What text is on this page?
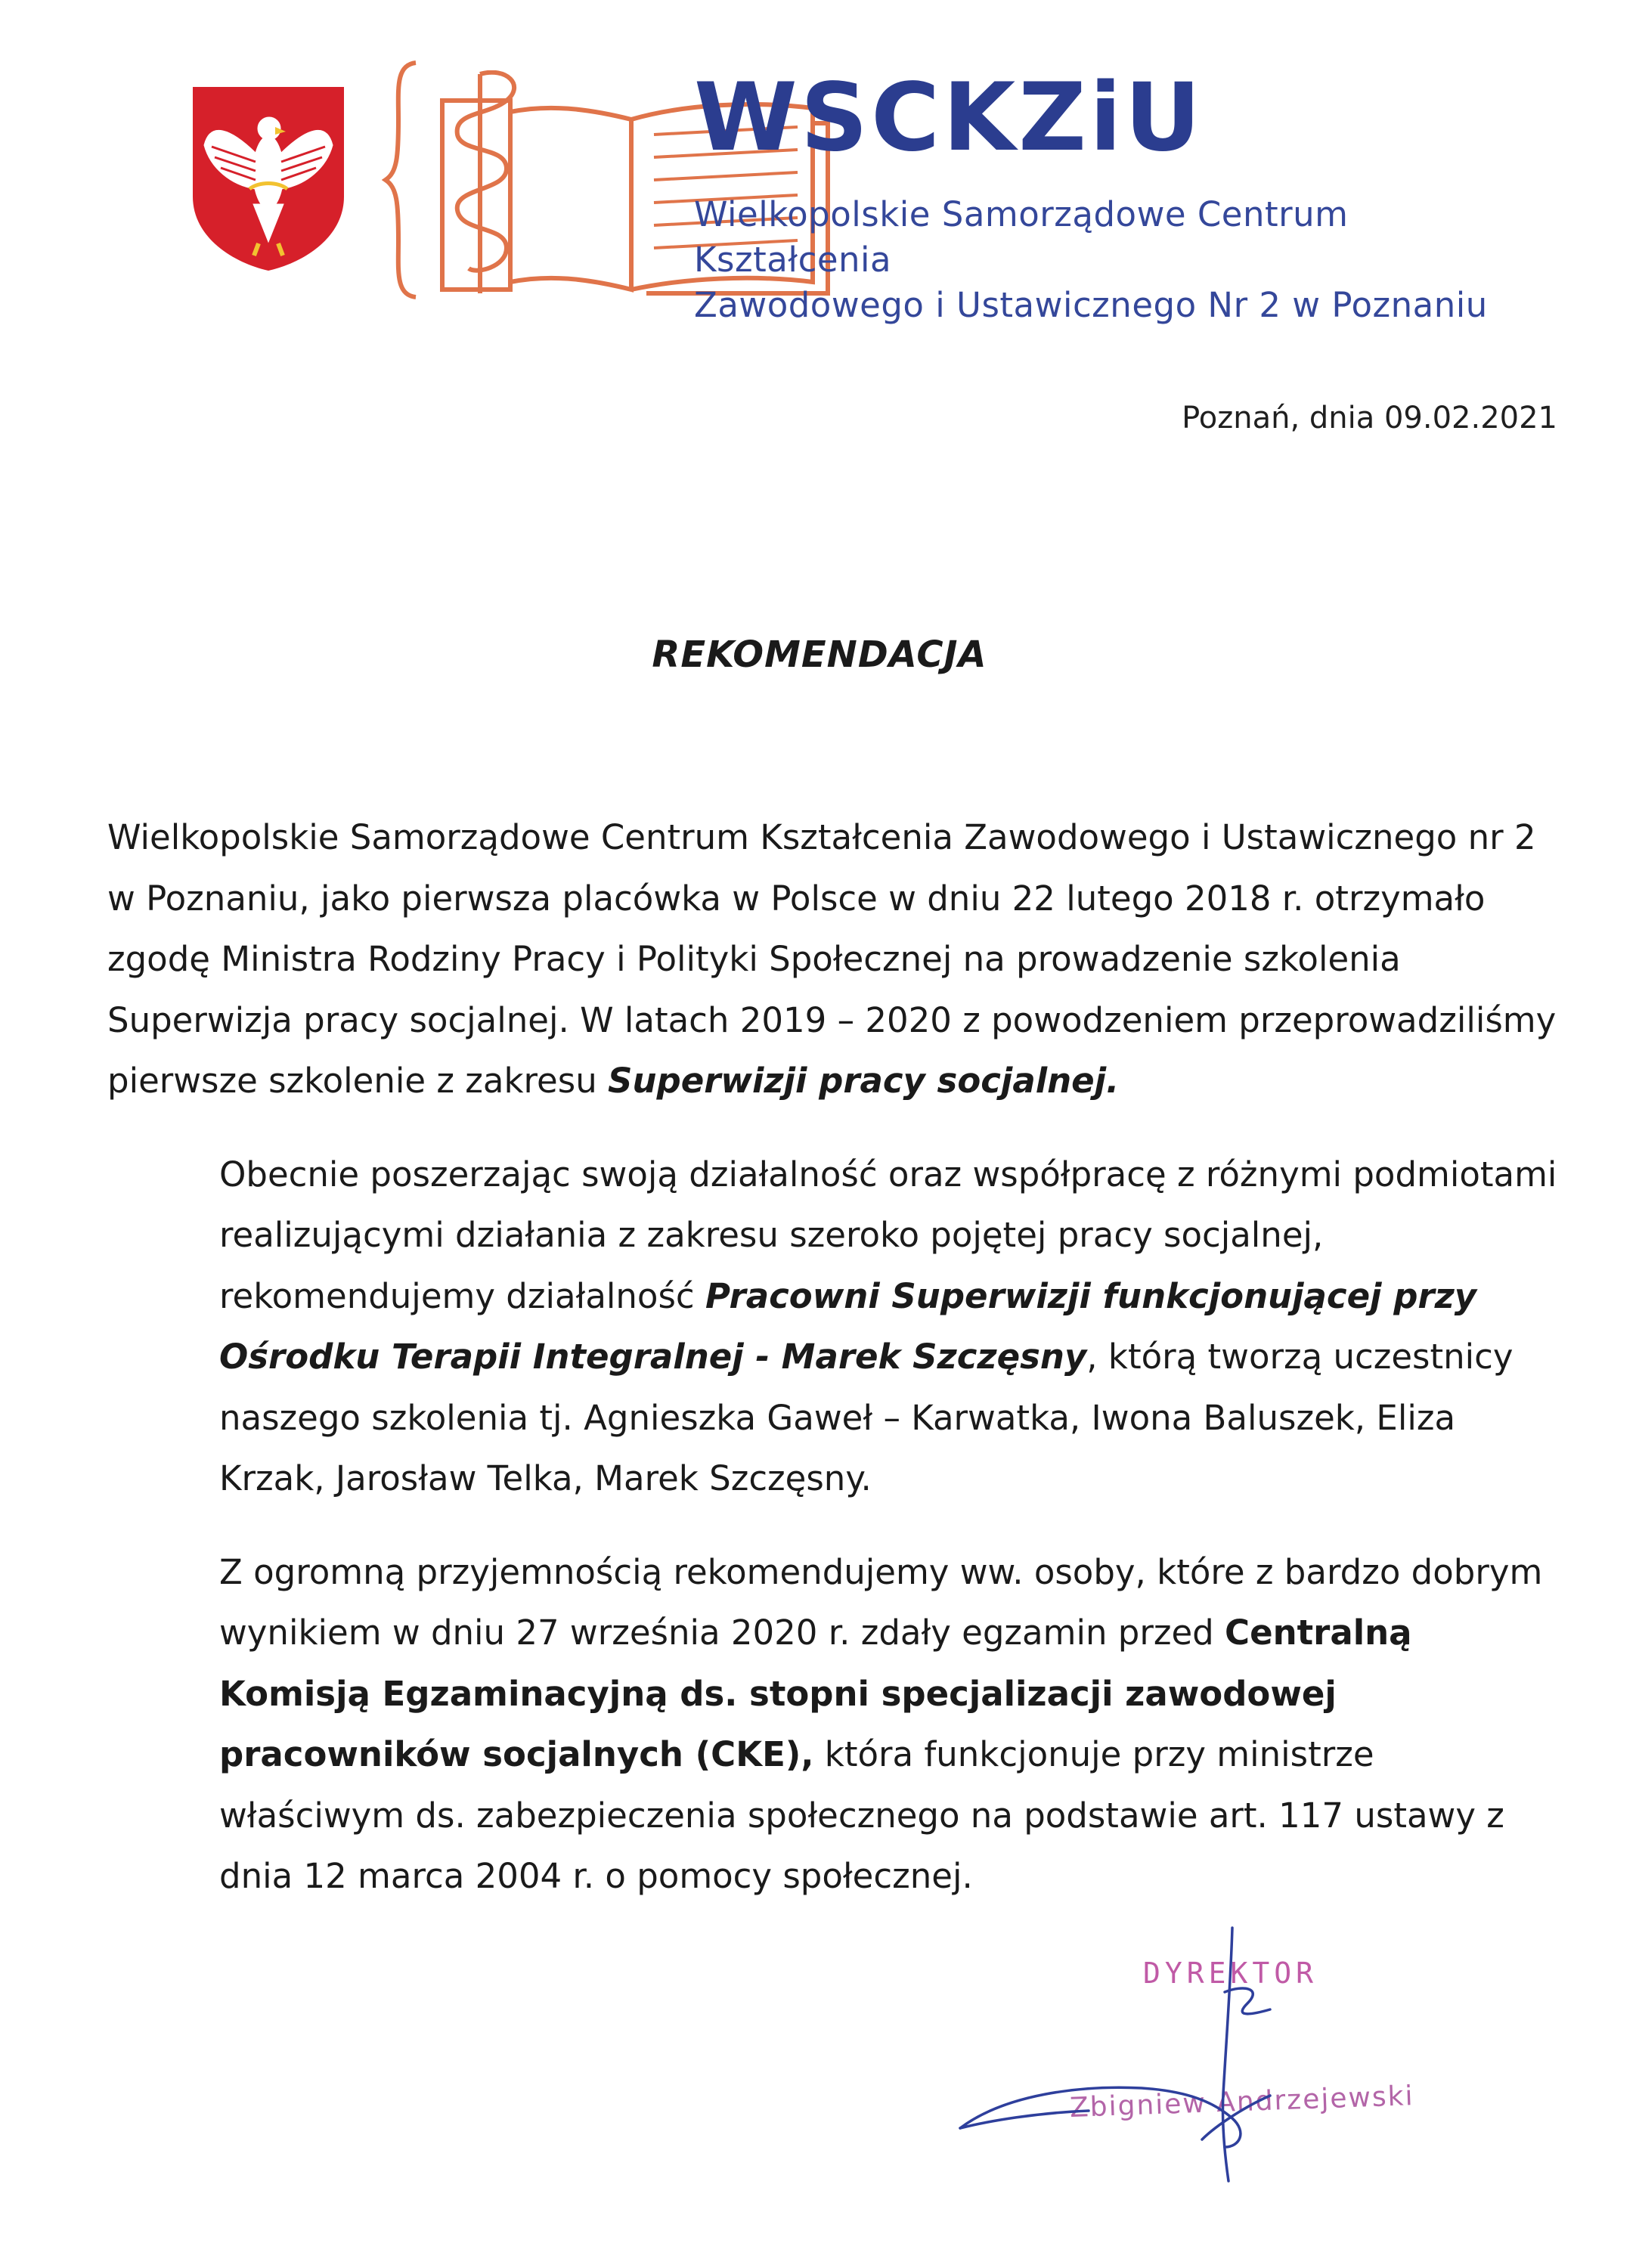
WSCKZiU
Wielkopolskie Samorządowe Centrum Kształcenia
Zawodowego i Ustawicznego Nr 2 w Poznaniu
Poznań, dnia 09.02.2021
REKOMENDACJA

Wielkopolskie Samorządowe Centrum Kształcenia Zawodowego i Ustawicznego nr 2 w Poznaniu, jako pierwsza placówka w Polsce w dniu 22 lutego 2018 r. otrzymało zgodę Ministra Rodziny Pracy i Polityki Społecznej na prowadzenie szkolenia Superwizja pracy socjalnej. W latach 2019 – 2020 z powodzeniem przeprowadziliśmy pierwsze szkolenie z zakresu Superwizji pracy socjalnej.

Obecnie poszerzając swoją działalność oraz współpracę z różnymi podmiotami realizującymi działania z zakresu szeroko pojętej pracy socjalnej, rekomendujemy działalność Pracowni Superwizji funkcjonującej przy Ośrodku Terapii Integralnej - Marek Szczęsny, którą tworzą uczestnicy naszego szkolenia tj. Agnieszka Gaweł – Karwatka, Iwona Baluszek, Eliza Krzak, Jarosław Telka, Marek Szczęsny.

Z ogromną przyjemnością rekomendujemy ww. osoby, które z bardzo dobrym wynikiem w dniu 27 września 2020 r. zdały egzamin przed Centralną Komisją Egzaminacyjną ds. stopni specjalizacji zawodowej pracowników socjalnych (CKE), która funkcjonuje przy ministrze właściwym ds. zabezpieczenia społecznego na podstawie art. 117 ustawy z dnia 12 marca 2004 r. o pomocy społecznej.

DYREKTOR
Zbigniew Andrzejewski
